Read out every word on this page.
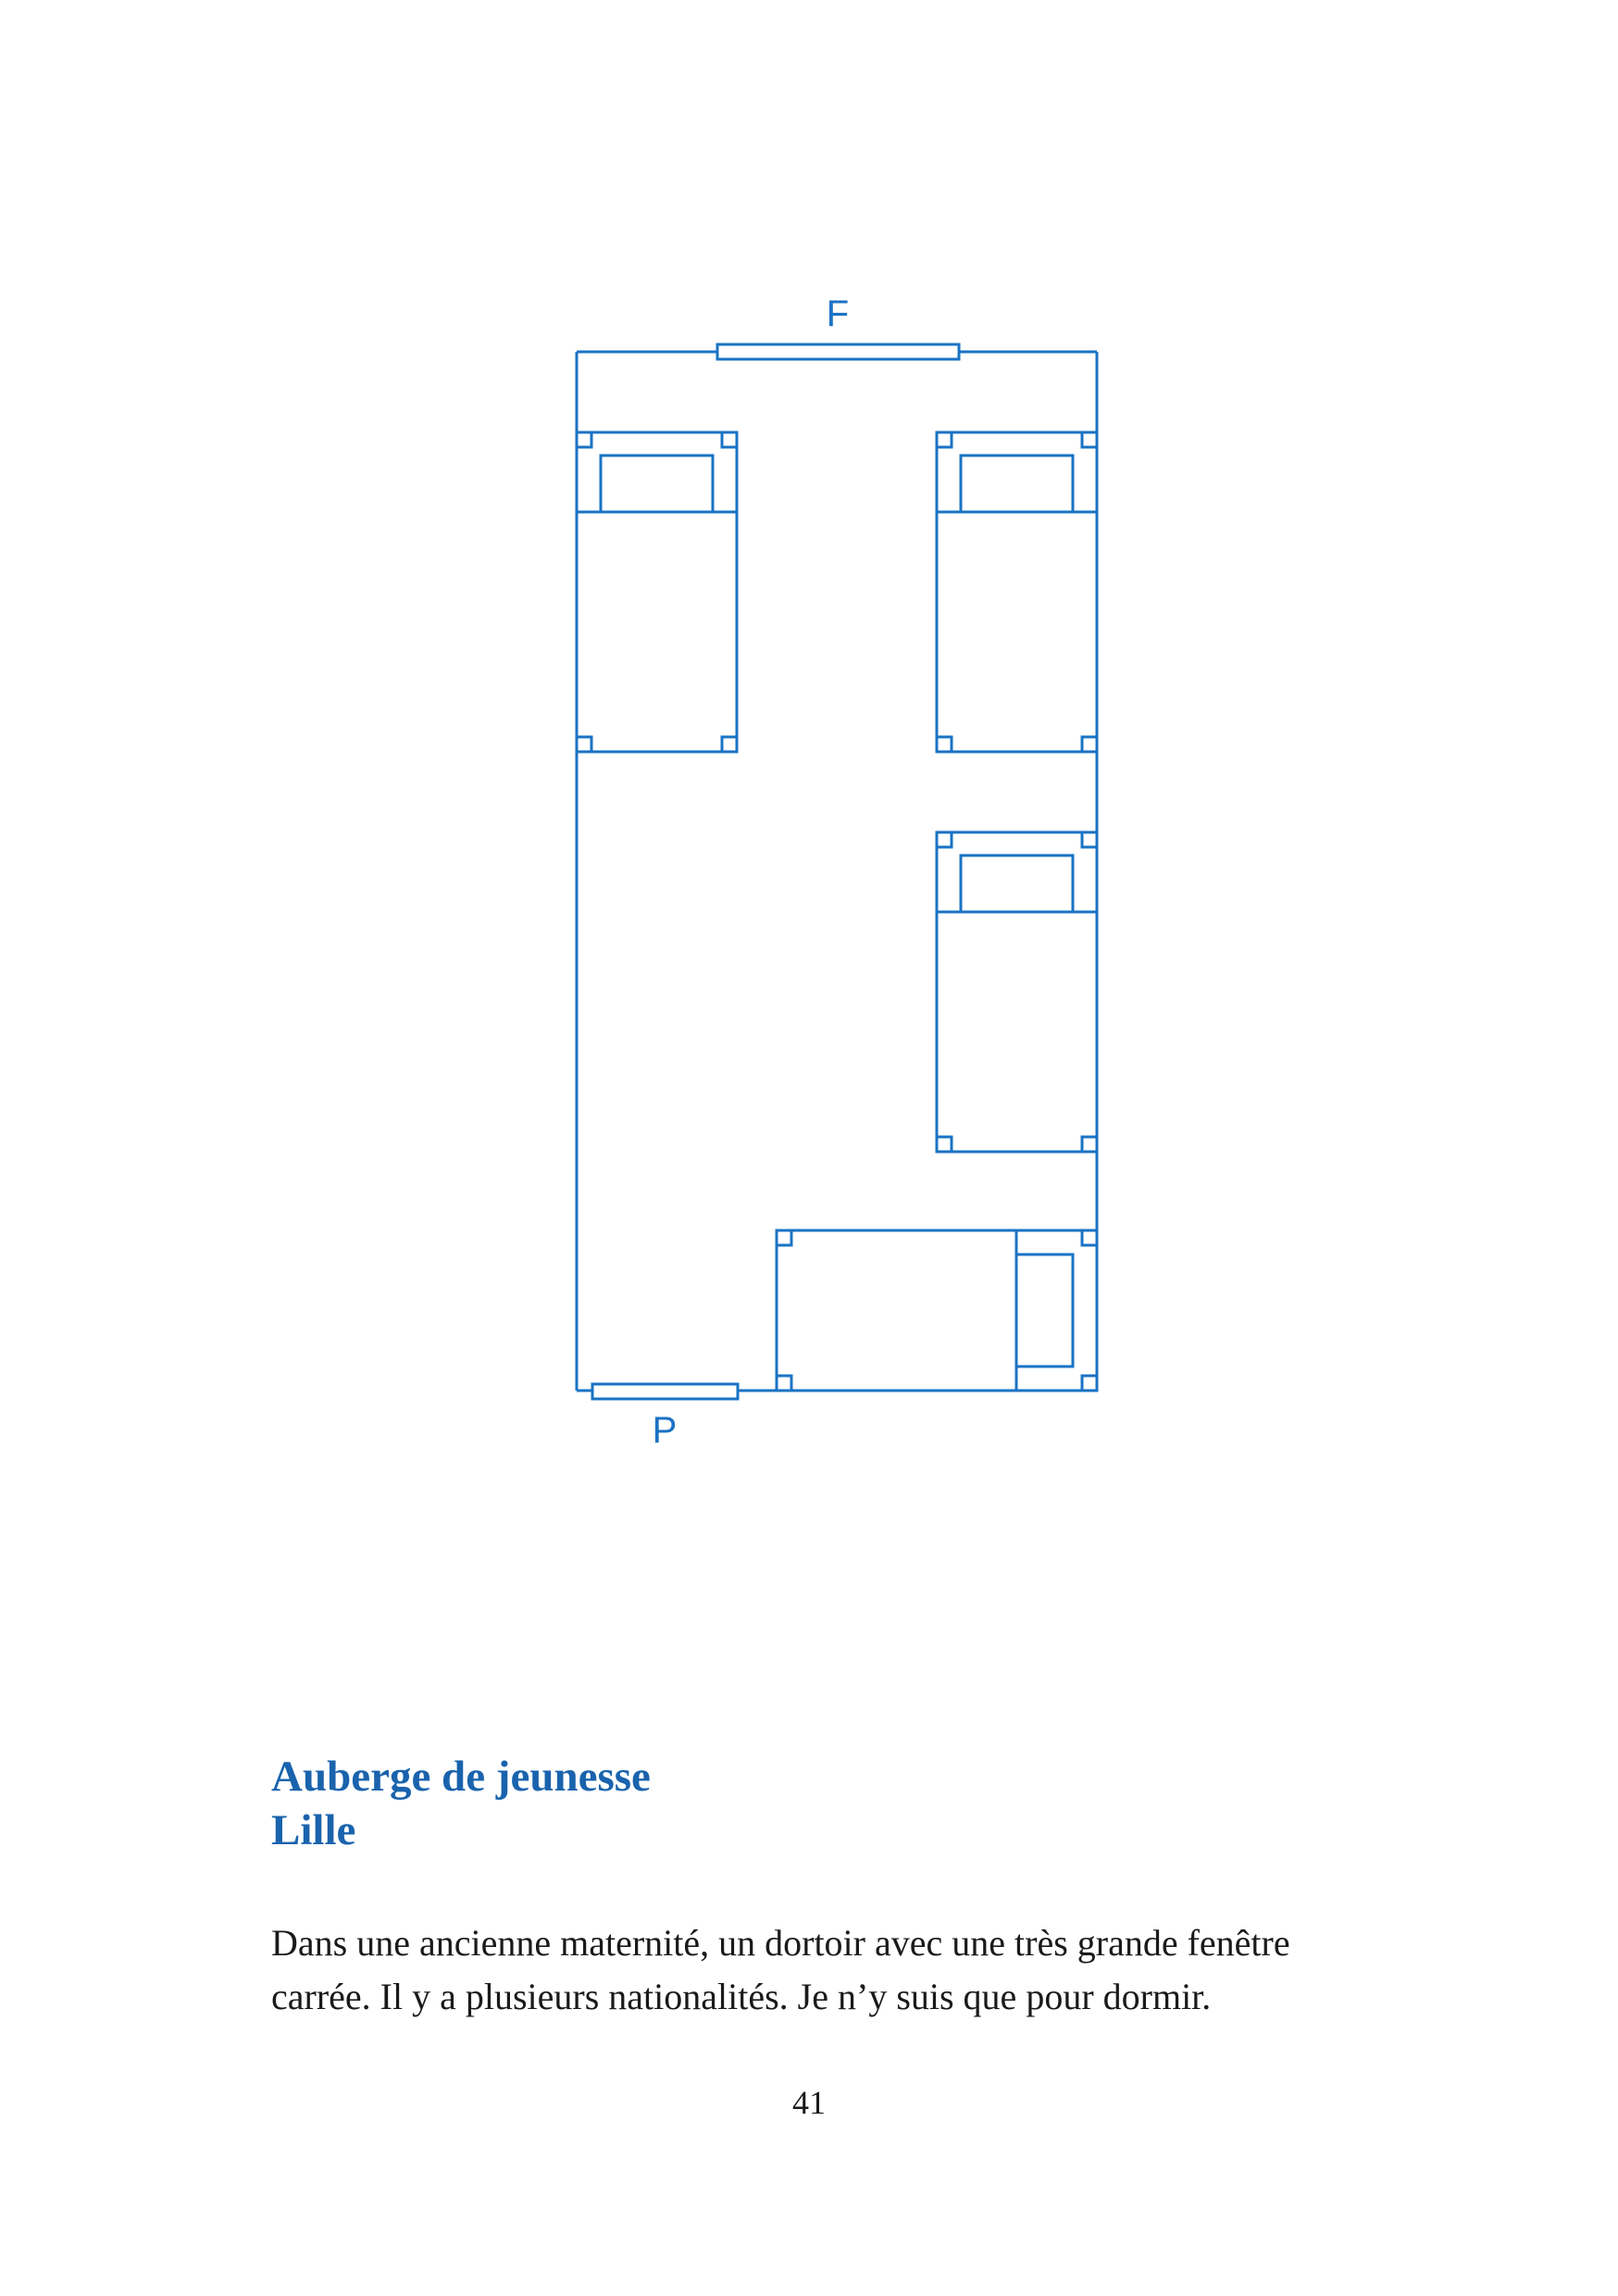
F
P
Auberge de jeunesse
Lille
Dans une ancienne maternité, un dortoir avec une très grande fenêtre
carrée. Il y a plusieurs nationalités. Je n’y suis que pour dormir.
41
